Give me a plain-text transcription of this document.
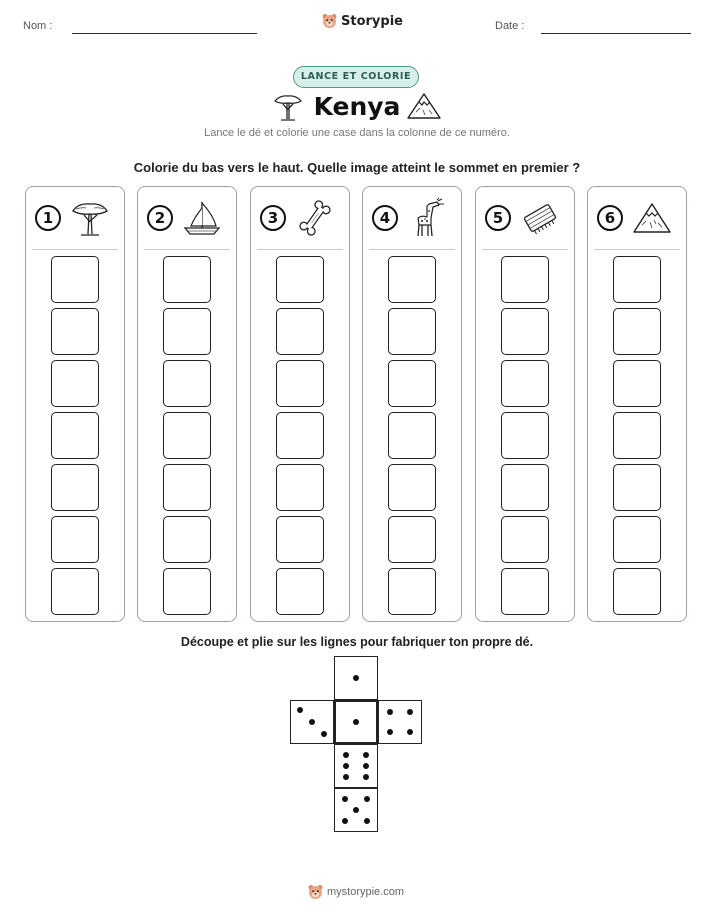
Nom :	Storypie	Date :
LANCE ET COLORIE
Kenya
Lance le dé et colorie une case dans la colonne de ce numéro.
Colorie du bas vers le haut. Quelle image atteint le sommet en premier ?
1	2	3	4	5	6
Découpe et plie sur les lignes pour fabriquer ton propre dé.
mystorypie.com
